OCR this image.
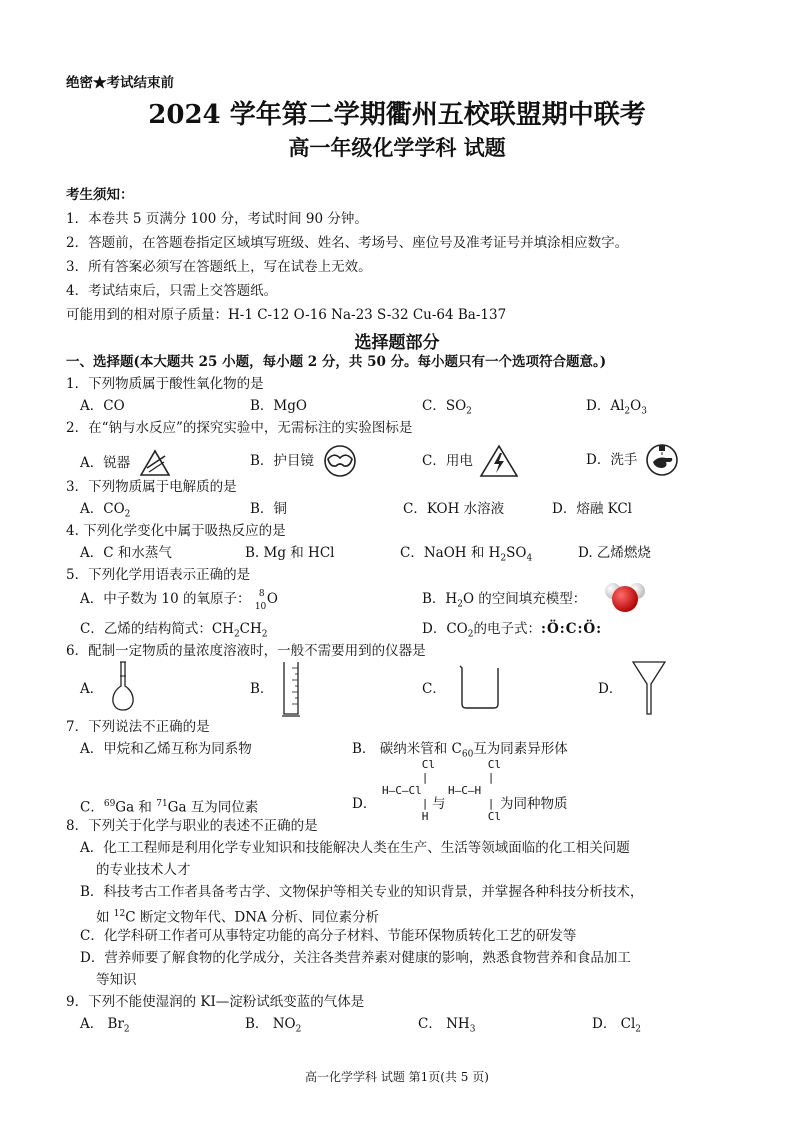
绝密★考试结束前
2024 学年第二学期衢州五校联盟期中联考
高一年级化学学科 试题
考生须知：
1．本卷共 5 页满分 100 分，考试时间 90 分钟。
2．答题前，在答题卷指定区域填写班级、姓名、考场号、座位号及准考证号并填涂相应数字。
3．所有答案必须写在答题纸上，写在试卷上无效。
4．考试结束后，只需上交答题纸。
可能用到的相对原子质量：H-1 C-12 O-16 Na-23 S-32 Cu-64 Ba-137
选择题部分
一、选择题(本大题共 25 小题，每小题 2 分，共 50 分。每小题只有一个选项符合题意。)
1．下列物质属于酸性氧化物的是
A．CO	B．MgO	C．$SO_2$	D．$Al_2O_3$
2．在“钠与水反应”的探究实验中，无需标注的实验图标是
A．锐器	B．护目镜	C．用电	D．洗手
3．下列物质属于电解质的是
A．$CO_2$	B．铜	C．KOH 水溶液	D．熔融 KCl
4. 下列化学变化中属于吸热反应的是
A．C 和水蒸气	B. Mg 和 HCl	C．NaOH 和 $H_2SO_4$	D. 乙烯燃烧
5．下列化学用语表示正确的是
A．中子数为 10 的氧原子： 8
10 O	B．$H_2O$ 的空间填充模型：
C．乙烯的结构简式：$CH_2CH_2$	D．$CO_2$的电子式：:Ö:C:Ö:
6．配制一定物质的量浓度溶液时，一般不需要用到的仪器是
A．	B．	C．	D．
7．下列说法不正确的是
A．甲烷和乙烯互称为同系物	B． 碳纳米管和 $C_{60}$互为同素异形体
C．$^{69}$Ga 和 $^{71}$Ga 互为同位素	D．
Cl
|
H—C—Cl
|
H
与
Cl
|
H—C—H
|
Cl
为同种物质
8．下列关于化学与职业的表述不正确的是
A．化工工程师是利用化学专业知识和技能解决人类在生产、生活等领域面临的化工相关问题
的专业技术人才
B．科技考古工作者具备考古学、文物保护等相关专业的知识背景，并掌握各种科技分析技术，
如 $^{12}$C 断定文物年代、DNA 分析、同位素分析
C．化学科研工作者可从事特定功能的高分子材料、节能环保物质转化工艺的研发等
D．营养师要了解食物的化学成分，关注各类营养素对健康的影响，熟悉食物营养和食品加工
等知识
9．下列不能使湿润的 KI—淀粉试纸变蓝的气体是
A． $Br_2$	B． $NO_2$	C． $NH_3$	D． $Cl_2$
高一化学学科 试题 第1页(共 5 页)
